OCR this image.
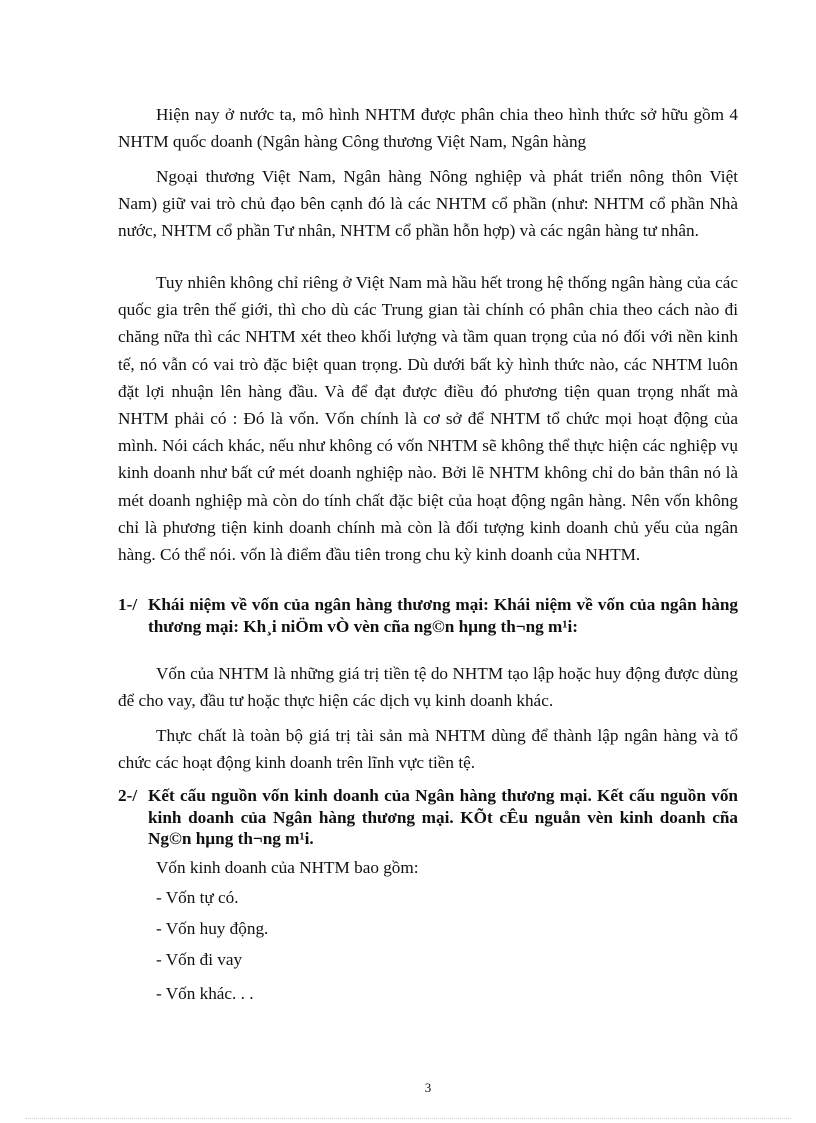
Hiện nay ở nước ta, mô hình NHTM được phân chia theo hình thức sở hữu gồm 4 NHTM quốc doanh (Ngân hàng Công thương Việt Nam, Ngân hàng

Ngoại thương Việt Nam, Ngân hàng Nông nghiệp và phát triển nông thôn Việt Nam) giữ vai trò chủ đạo bên cạnh đó là các NHTM cổ phần (như: NHTM cổ phần Nhà nước, NHTM cổ phần Tư nhân, NHTM cổ phần hỗn hợp) và các ngân hàng tư nhân.

Tuy nhiên không chỉ riêng ở Việt Nam mà hầu hết trong hệ thống ngân hàng của các quốc gia trên thế giới, thì cho dù các Trung gian tài chính có phân chia theo cách nào đi chăng nữa thì các NHTM xét theo khối lượng và tầm quan trọng của nó đối với nền kinh tế, nó vẫn có vai trò đặc biệt quan trọng. Dù dưới bất kỳ hình thức nào, các NHTM luôn đặt lợi nhuận lên hàng đầu. Và để đạt được điều đó phương tiện quan trọng nhất mà NHTM phải có : Đó là vốn. Vốn chính là cơ sở để NHTM tổ chức mọi hoạt động của mình. Nói cách khác, nếu như không có vốn NHTM sẽ không thể thực hiện các nghiệp vụ kinh doanh như bất cứ mét doanh nghiệp nào. Bởi lẽ NHTM không chỉ do bản thân nó là mét doanh nghiệp mà còn do tính chất đặc biệt của hoạt động ngân hàng. Nên vốn không chỉ là phương tiện kinh doanh chính mà còn là đối tượng kinh doanh chủ yếu của ngân hàng. Có thể nói. vốn là điểm đầu tiên trong chu kỳ kinh doanh của NHTM.

1-/ Khái niệm về vốn của ngân hàng thương mại: Khái niệm về vốn của ngân hàng thương mại: Kh¸i niÖm vÒ vèn cña ng©n hµng th¬ng m¹i:

Vốn của NHTM là những giá trị tiền tệ do NHTM tạo lập hoặc huy động được dùng để cho vay, đầu tư hoặc thực hiện các dịch vụ kinh doanh khác.

Thực chất là toàn bộ giá trị tài sản mà NHTM dùng để thành lập ngân hàng và tổ chức các hoạt động kinh doanh trên lĩnh vực tiền tệ.

2-/ Kết cấu nguồn vốn kinh doanh của Ngân hàng thương mại. Kết cấu nguồn vốn kinh doanh của Ngân hàng thương mại. KÕt cÊu nguån vèn kinh doanh cña Ng©n hµng th¬ng m¹i.

Vốn kinh doanh của NHTM bao gồm:

- Vốn tự có.

- Vốn huy động.

- Vốn đi vay

- Vốn khác. . .

3
